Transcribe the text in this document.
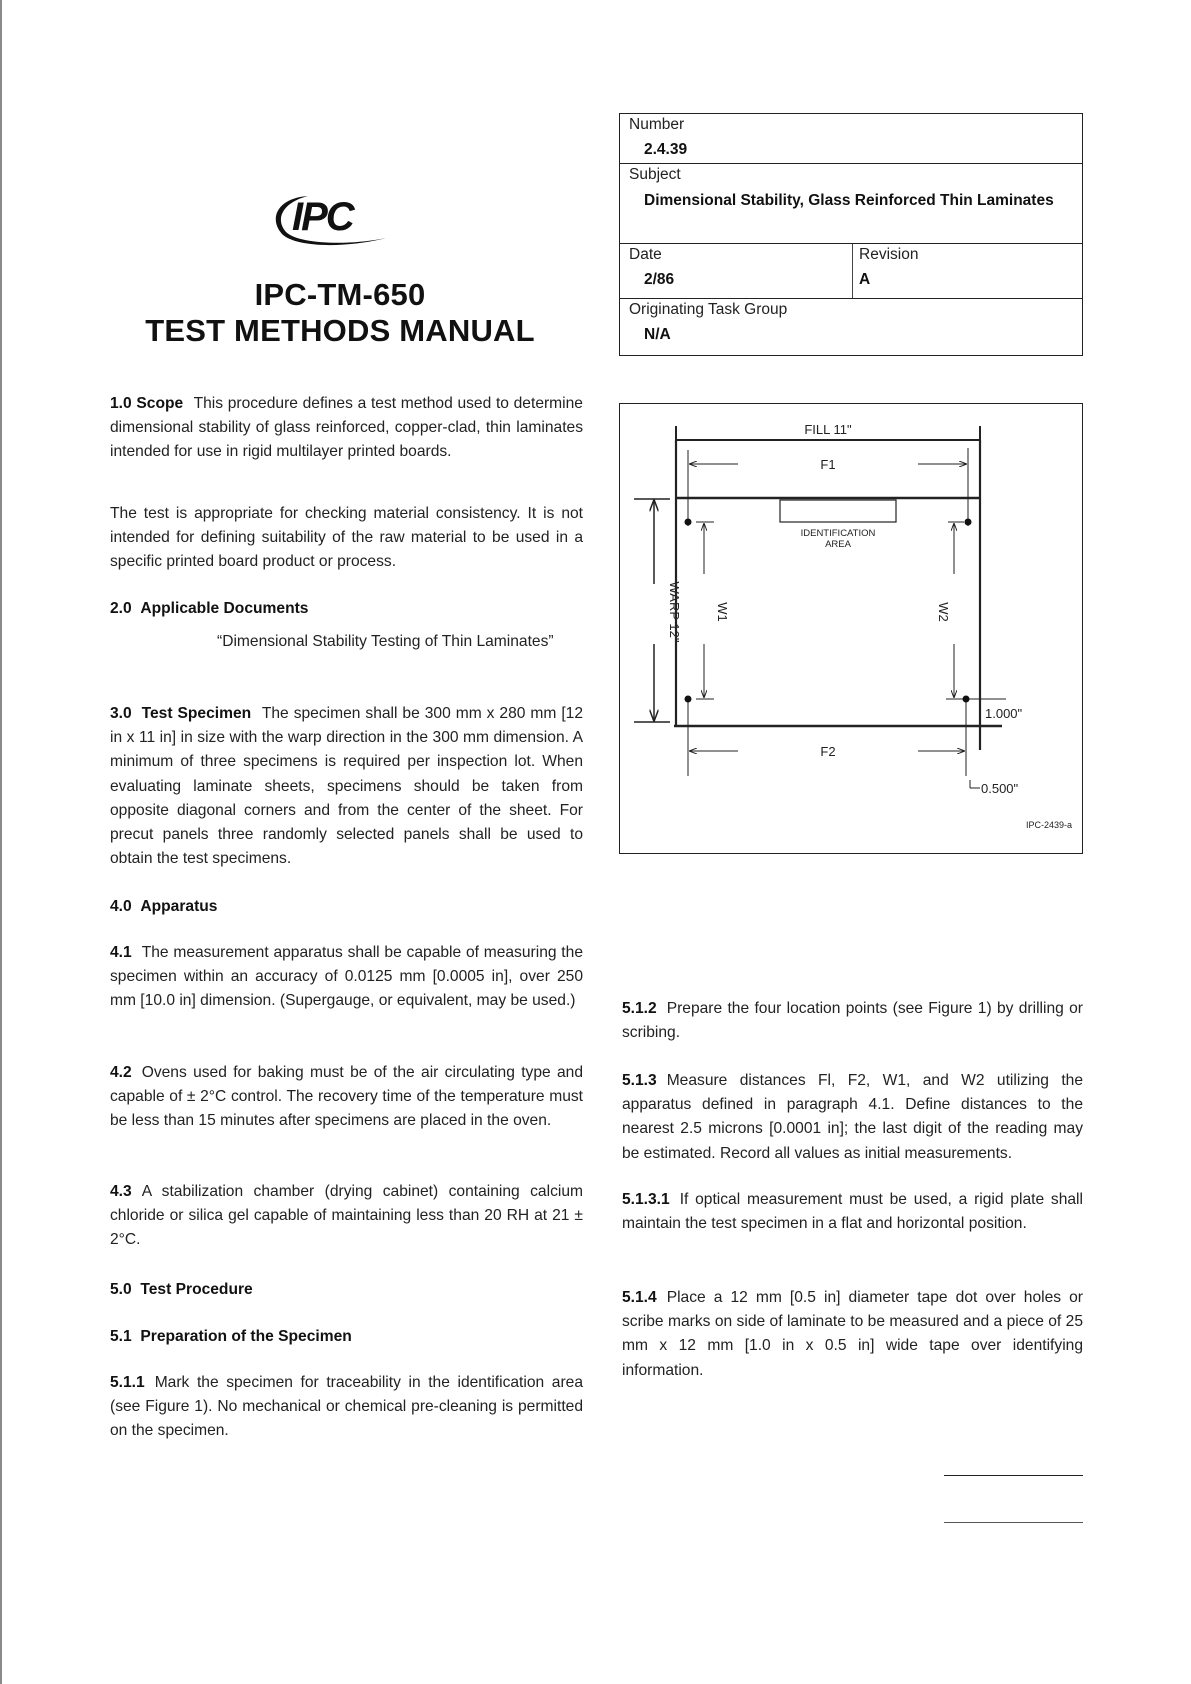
IPC
IPC-TM-650
TEST METHODS MANUAL
Number
2.4.39
Subject
Dimensional Stability, Glass Reinforced Thin Laminates
Date
2/86
Revision
A
Originating Task Group
N/A
FILL 11"
F1
F2
IDENTIFICATION
AREA
WARP 12"	W1	W2
1.000"
0.500"
IPC-2439-a

1.0 Scope This procedure defines a test method used to determine dimensional stability of glass reinforced, copper-clad, thin laminates intended for use in rigid multilayer printed boards.

The test is appropriate for checking material consistency. It is not intended for defining suitability of the raw material to be used in a specific printed board product or process.

2.0 Applicable Documents

“Dimensional Stability Testing of Thin Laminates”

3.0 Test Specimen The specimen shall be 300 mm x 280 mm [12 in x 11 in] in size with the warp direction in the 300 mm dimension. A minimum of three specimens is required per inspection lot. When evaluating laminate sheets, specimens should be taken from opposite diagonal corners and from the center of the sheet. For precut panels three randomly selected panels shall be used to obtain the test specimens.

4.0 Apparatus

4.1 The measurement apparatus shall be capable of measuring the specimen within an accuracy of 0.0125 mm [0.0005 in], over 250 mm [10.0 in] dimension. (Supergauge, or equivalent, may be used.)

4.2 Ovens used for baking must be of the air circulating type and capable of ± 2°C control. The recovery time of the temperature must be less than 15 minutes after specimens are placed in the oven.

4.3 A stabilization chamber (drying cabinet) containing calcium chloride or silica gel capable of maintaining less than 20 RH at 21 ± 2°C.

5.0 Test Procedure
5.1 Preparation of the Specimen

5.1.1 Mark the specimen for traceability in the identification area (see Figure 1). No mechanical or chemical pre-cleaning is permitted on the specimen.

5.1.2 Prepare the four location points (see Figure 1) by drilling or scribing.

5.1.3 Measure distances Fl, F2, W1, and W2 utilizing the apparatus defined in paragraph 4.1. Define distances to the nearest 2.5 microns [0.0001 in]; the last digit of the reading may be estimated. Record all values as initial measurements.

5.1.3.1 If optical measurement must be used, a rigid plate shall maintain the test specimen in a flat and horizontal position.

5.1.4 Place a 12 mm [0.5 in] diameter tape dot over holes or scribe marks on side of laminate to be measured and a piece of 25 mm x 12 mm [1.0 in x 0.5 in] wide tape over identifying information.
